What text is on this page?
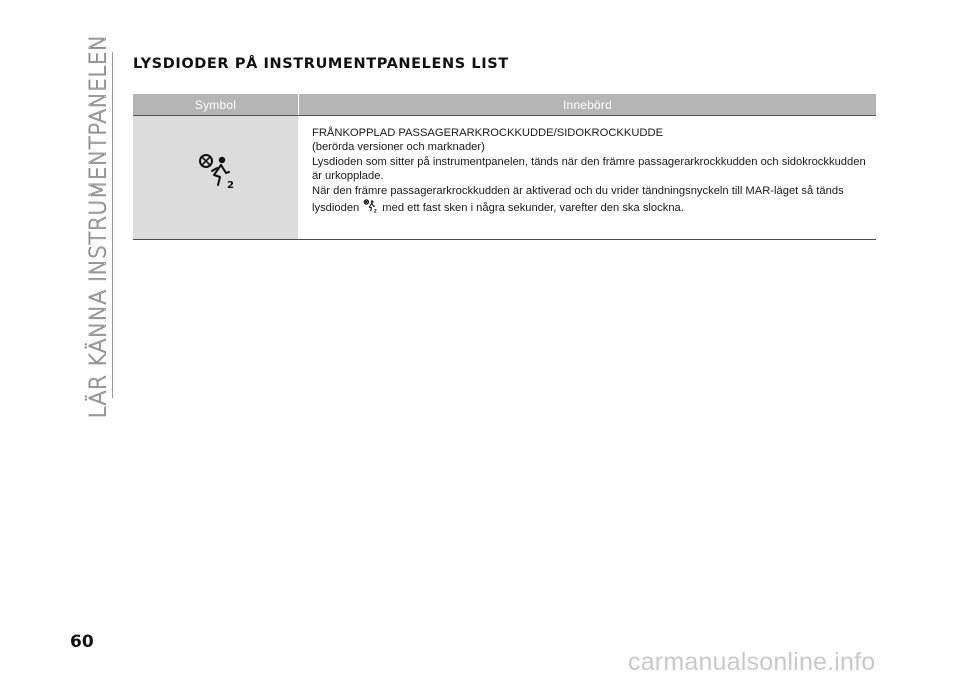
LÄR KÄNNA INSTRUMENTPANELEN LYSDIODER PÅ INSTRUMENTPANELENS LIST
Symbol	Innebörd
2

FRÅNKOPPLAD PASSAGERARKROCKKUDDE/SIDOKROCKKUDDE

(berörda versioner och marknader)

Lysdioden som sitter på instrumentpanelen, tänds när den främre passagerarkrockkudden och sidokrockkudden är urkopplade.

När den främre passagerarkrockkudden är aktiverad och du vrider tändningsnyckeln till MAR-läget så tänds lysdioden 2 med ett fast sken i några sekunder, varefter den ska slockna.

60
carmanualsonline.info
